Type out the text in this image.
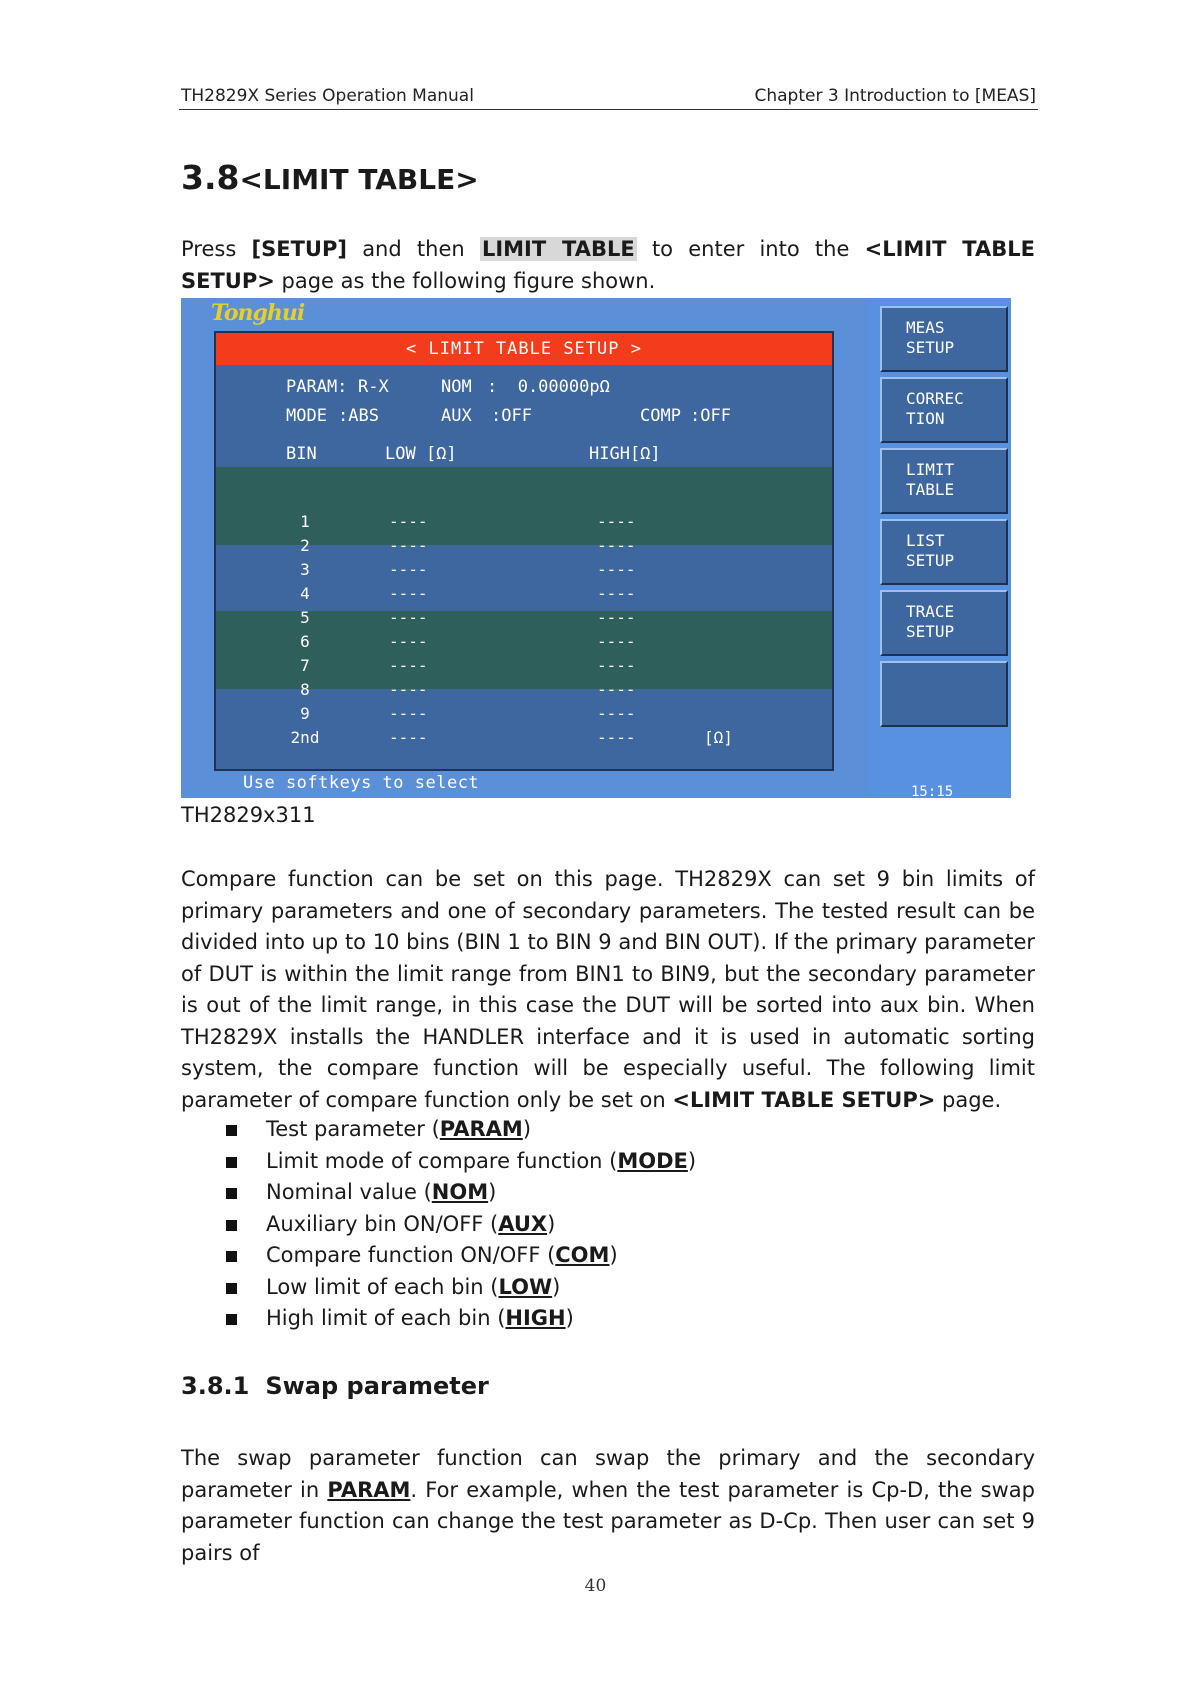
TH2829X Series Operation Manual	Chapter 3 Introduction to [MEAS]
3.8<LIMIT TABLE>
Press [SETUP] and then LIMIT TABLE to enter into the <LIMIT TABLE SETUP> page as the following figure shown.
Tonghui
< LIMIT TABLE SETUP >
PARAM: R-X	NOM :  0.00000pΩ
MODE :ABS	AUX :OFF	COMP :OFF
BIN	LOW [Ω]	HIGH[Ω]
1	----	----
2	----	----
3	----	----
4	----	----
5	----	----
6	----	----
7	----	----
8	----	----
9	----	----
2nd	----	----	[Ω]
Use softkeys to select
MEAS
SETUP
CORREC
TION
LIMIT
TABLE
LIST
SETUP
TRACE
SETUP

15:15
TH2829x311
Compare function can be set on this page. TH2829X can set 9 bin limits of primary parameters and one of secondary parameters. The tested result can be divided into up to 10 bins (BIN 1 to BIN 9 and BIN OUT). If the primary parameter of DUT is within the limit range from BIN1 to BIN9, but the secondary parameter is out of the limit range, in this case the DUT will be sorted into aux bin. When TH2829X installs the HANDLER interface and it is used in automatic sorting system, the compare function will be especially useful. The following limit parameter of compare function only be set on <LIMIT TABLE SETUP> page.
Test parameter (PARAM)
Limit mode of compare function (MODE)
Nominal value (NOM)
Auxiliary bin ON/OFF (AUX)
Compare function ON/OFF (COM)
Low limit of each bin (LOW)
High limit of each bin (HIGH)
3.8.1 Swap parameter
The swap parameter function can swap the primary and the secondary parameter in PARAM. For example, when the test parameter is Cp-D, the swap parameter function can change the test parameter as D-Cp. Then user can set 9 pairs of
40
